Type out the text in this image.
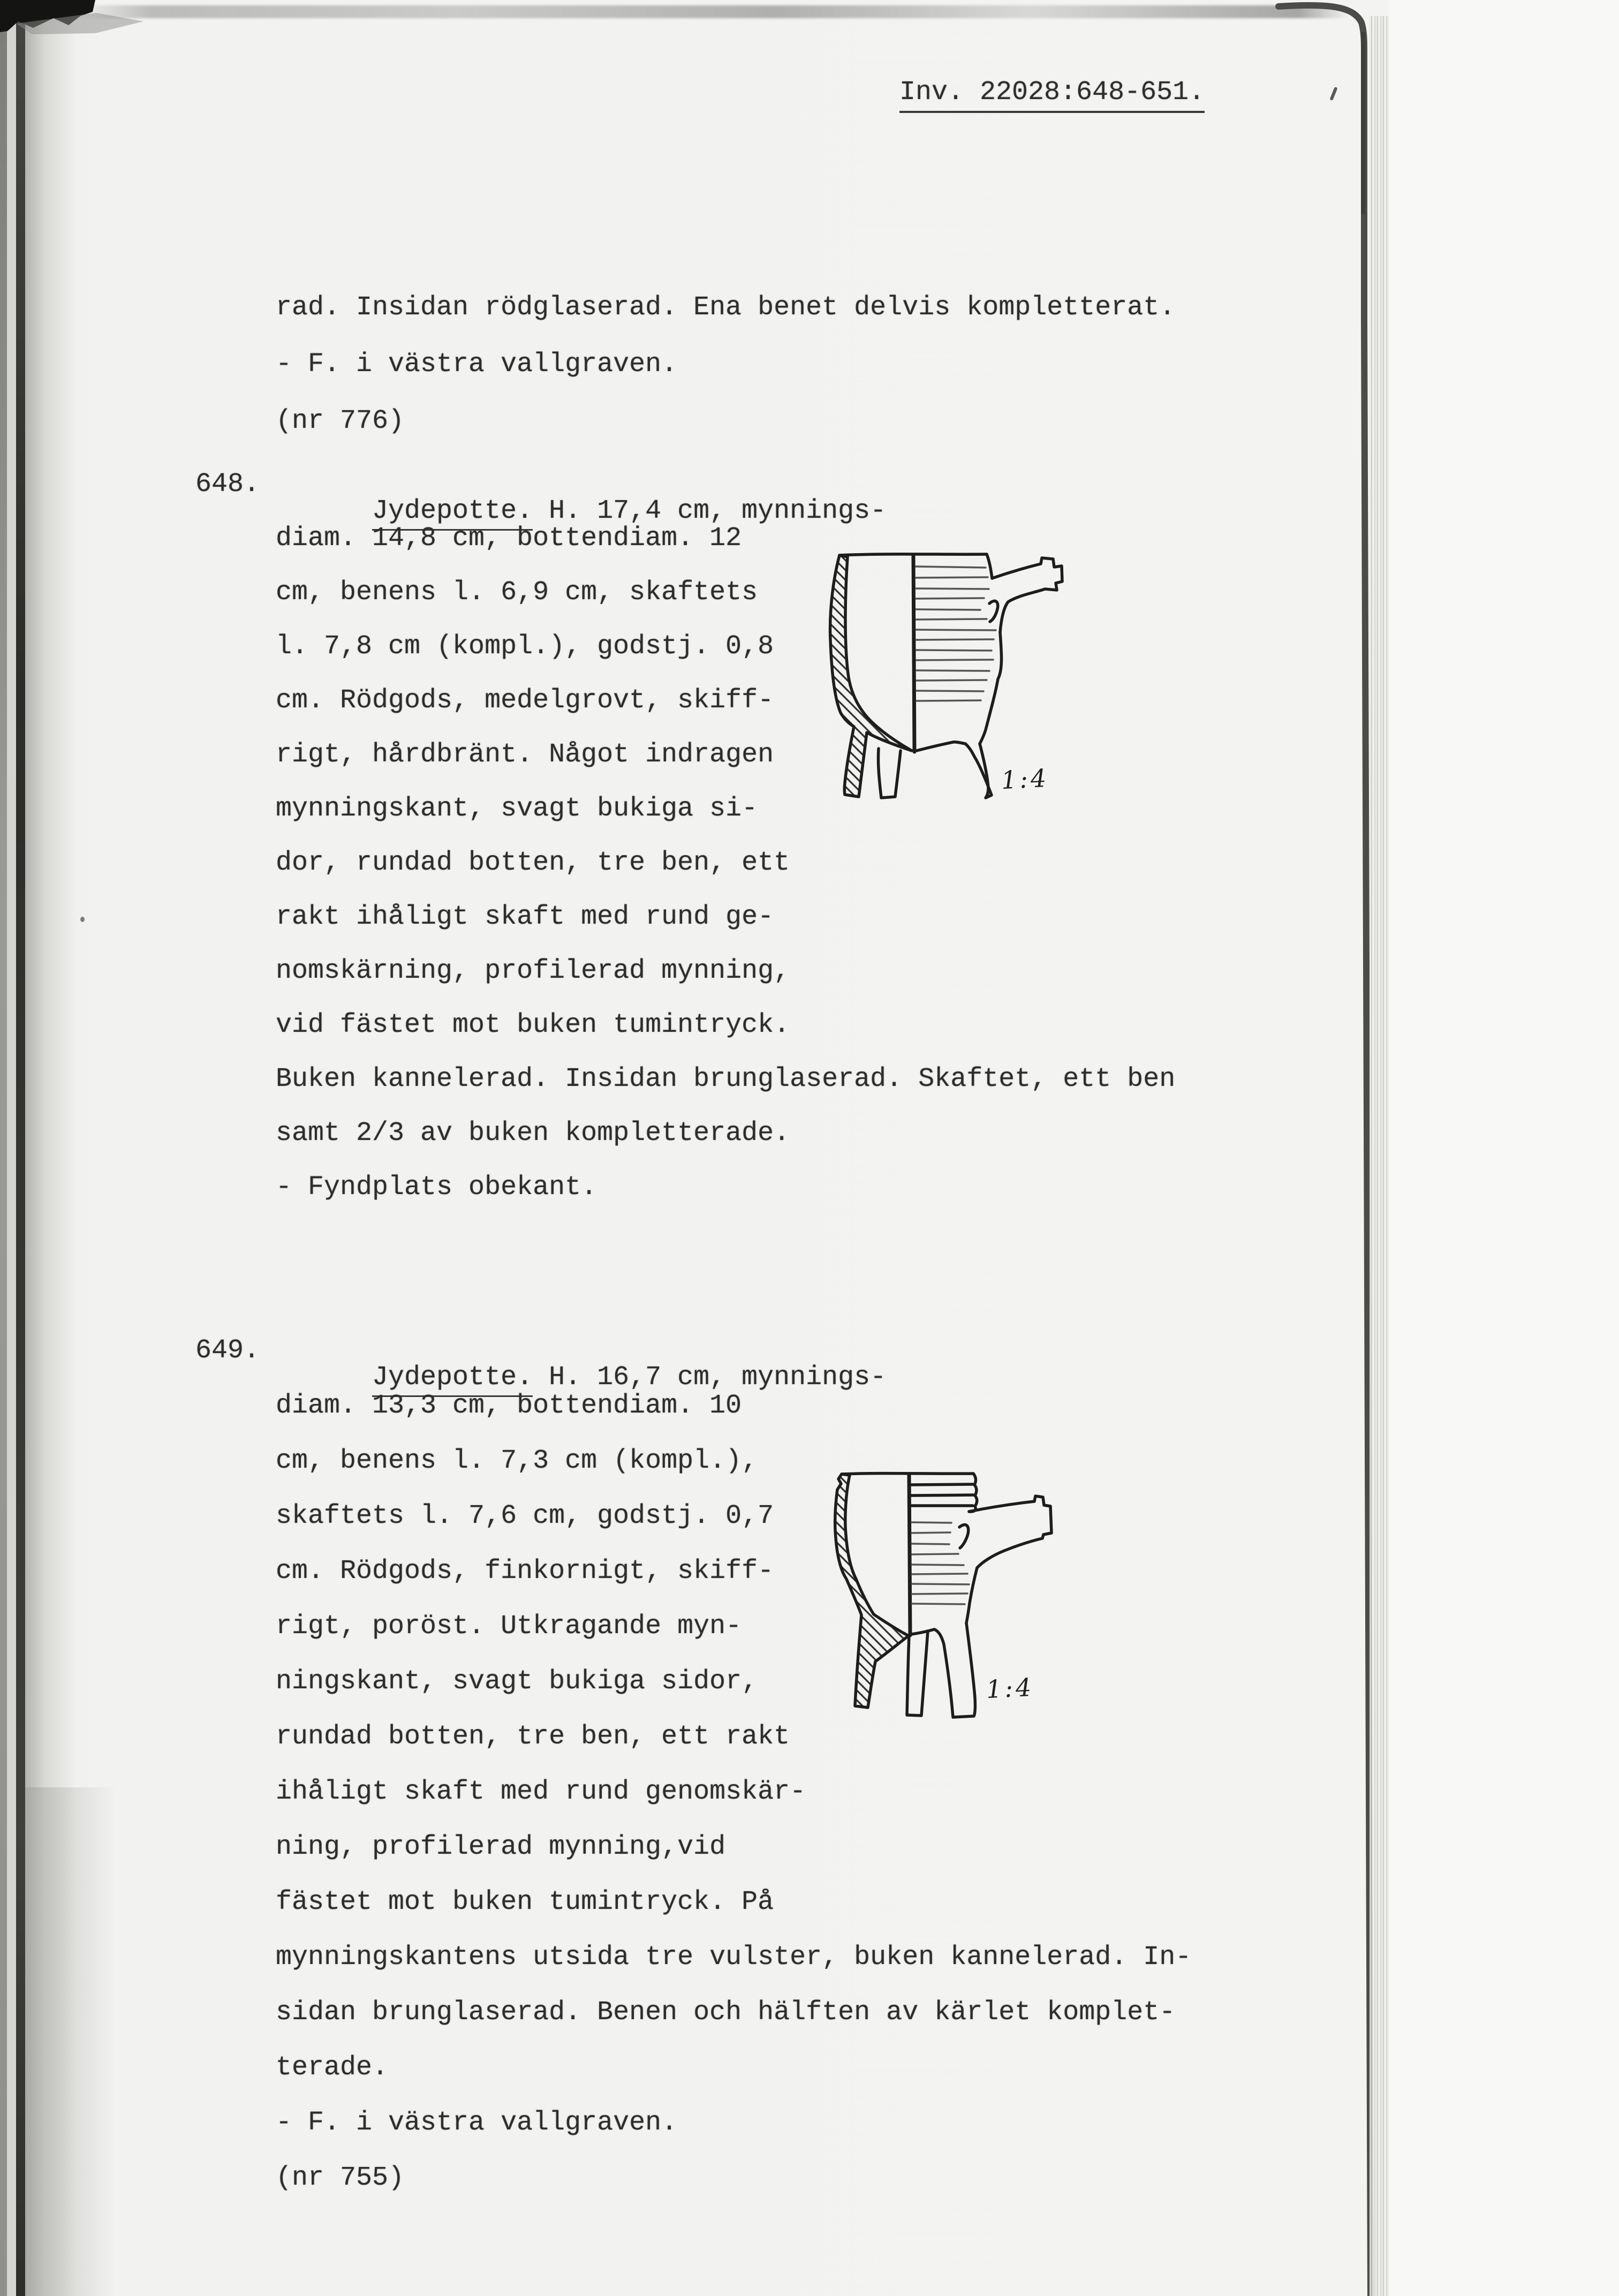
Inv. 22028:648-651.

rad. Insidan rödglaserad. Ena benet delvis kompletterat.

- F. i västra vallgraven.

(nr 776)

648.
Jydepotte. H. 17,4 cm, mynnings-

diam. 14,8 cm, bottendiam. 12

cm, benens l. 6,9 cm, skaftets

l. 7,8 cm (kompl.), godstj. 0,8

cm. Rödgods, medelgrovt, skiff-

rigt, hårdbränt. Något indragen

mynningskant, svagt bukiga si-

dor, rundad botten, tre ben, ett

rakt ihåligt skaft med rund ge-

nomskärning, profilerad mynning,

vid fästet mot buken tumintryck.

Buken kannelerad. Insidan brunglaserad. Skaftet, ett ben

samt 2/3 av buken kompletterade.

- Fyndplats obekant.

1:4

649.
Jydepotte. H. 16,7 cm, mynnings-

diam. 13,3 cm, bottendiam. 10

cm, benens l. 7,3 cm (kompl.),

skaftets l. 7,6 cm, godstj. 0,7

cm. Rödgods, finkornigt, skiff-

rigt, poröst. Utkragande myn-

ningskant, svagt bukiga sidor,

rundad botten, tre ben, ett rakt

ihåligt skaft med rund genomskär-

ning, profilerad mynning,vid

fästet mot buken tumintryck. På

mynningskantens utsida tre vulster, buken kannelerad. In-

sidan brunglaserad. Benen och hälften av kärlet komplet-

terade.

- F. i västra vallgraven.

(nr 755)

1:4
